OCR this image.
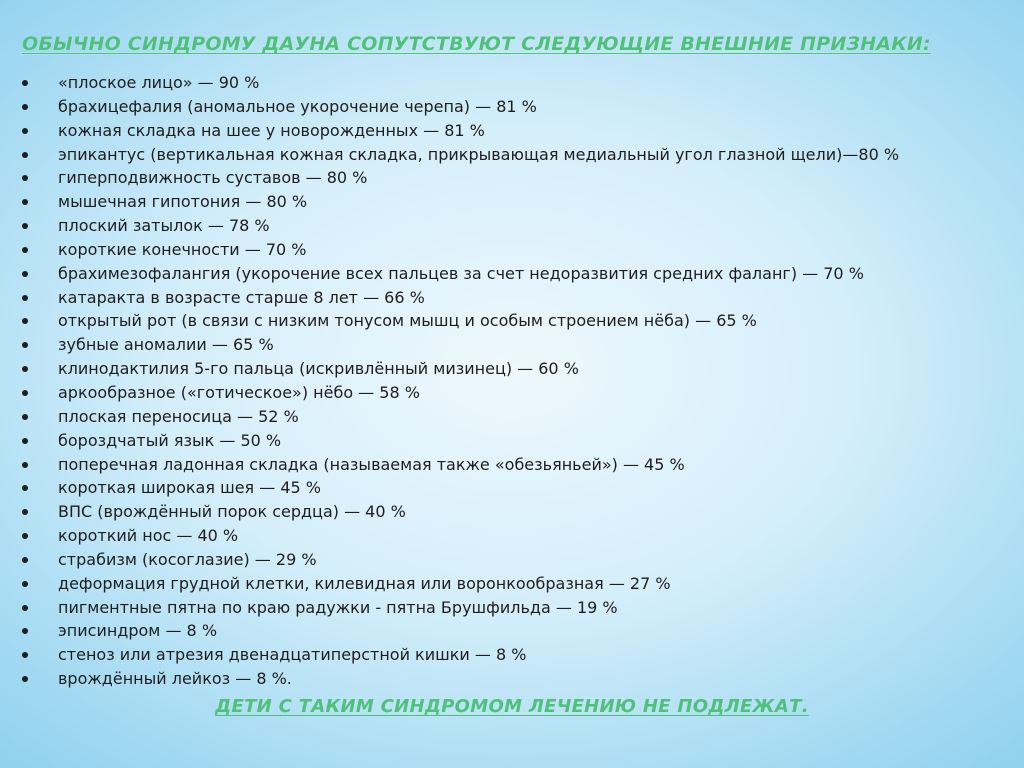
ОБЫЧНО СИНДРОМУ ДАУНА СОПУТСТВУЮТ СЛЕДУЮЩИЕ ВНЕШНИЕ ПРИЗНАКИ:
«плоское лицо» — 90 %
брахицефалия (аномальное укорочение черепа) — 81 %
кожная складка на шее у новорожденных — 81 %
эпикантус (вертикальная кожная складка, прикрывающая медиальный угол глазной щели)—80 %
гиперподвижность суставов — 80 %
мышечная гипотония — 80 %
плоский затылок — 78 %
короткие конечности — 70 %
брахимезофалангия (укорочение всех пальцев за счет недоразвития средних фаланг) — 70 %
катаракта в возрасте старше 8 лет — 66 %
открытый рот (в связи с низким тонусом мышц и особым строением нёба) — 65 %
зубные аномалии — 65 %
клинодактилия 5-го пальца (искривлённый мизинец) — 60 %
аркообразное («готическое») нёбо — 58 %
плоская переносица — 52 %
бороздчатый язык — 50 %
поперечная ладонная складка (называемая также «обезьяньей») — 45 %
короткая широкая шея — 45 %
ВПС (врождённый порок сердца) — 40 %
короткий нос — 40 %
страбизм (косоглазие) — 29 %
деформация грудной клетки, килевидная или воронкообразная — 27 %
пигментные пятна по краю радужки - пятна Брушфильда — 19 %
эписиндром — 8 %
стеноз или атрезия двенадцатиперстной кишки — 8 %
врождённый лейкоз — 8 %.

ДЕТИ С ТАКИМ СИНДРОМОМ ЛЕЧЕНИЮ НЕ ПОДЛЕЖАТ.
